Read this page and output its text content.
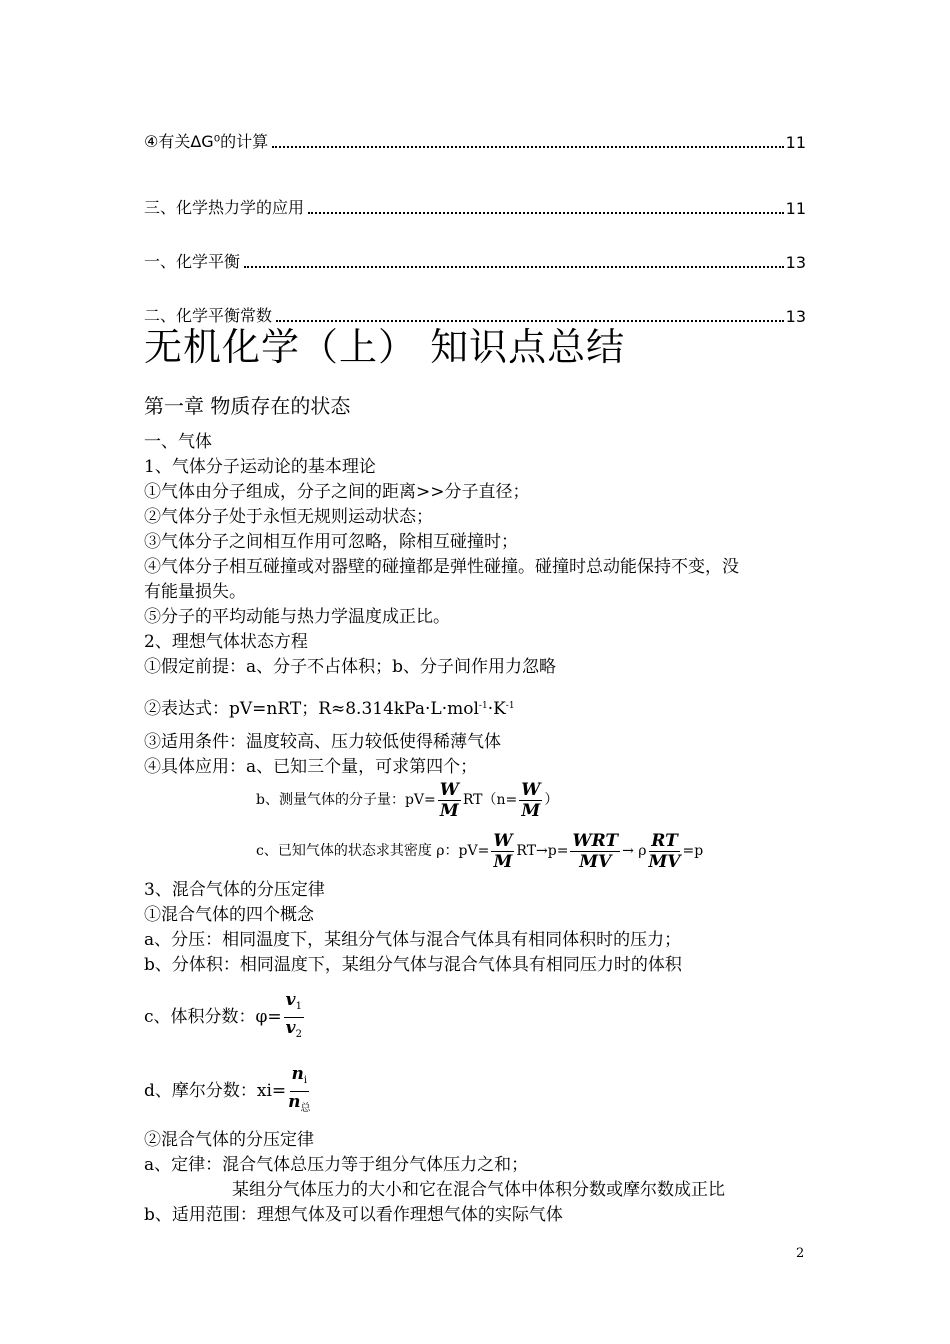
④有关ΔG⁰的计算	11
三、化学热力学的应用	11
一、化学平衡	13
二、化学平衡常数	13
无机化学（上） 知识点总结
第一章 物质存在的状态
一、气体
1、气体分子运动论的基本理论
①气体由分子组成，分子之间的距离>>分子直径；
②气体分子处于永恒无规则运动状态；
③气体分子之间相互作用可忽略，除相互碰撞时；
④气体分子相互碰撞或对器壁的碰撞都是弹性碰撞。碰撞时总动能保持不变，没
有能量损失。
⑤分子的平均动能与热力学温度成正比。
2、理想气体状态方程
①假定前提：a、分子不占体积；b、分子间作用力忽略
②表达式：pV=nRT；$R\approx 8.314kPa\cdot L\cdot mol^{-1}\cdot K^{-1}$
③适用条件：温度较高、压力较低使得稀薄气体
④具体应用：a、已知三个量，可求第四个；
b、测量气体的分子量：$pV= \frac{W}{M} RT(n= \frac{W}{M}$ ）
c、已知气体的状态求其密度 ρ：$pV= \frac{W}{M} RT\to p= \frac{\text{WRT}}{MV} \to \rho \frac{RT}{MV} =p$
3、混合气体的分压定律
①混合气体的四个概念
a、分压：相同温度下，某组分气体与混合气体具有相同体积时的压力；
b、分体积：相同温度下，某组分气体与混合气体具有相同压力时的体积
c、体积分数：$\varphi= \frac{v_1}{v_2}$
d、摩尔分数：$xi= \frac{n_i}{n_总}$
②混合气体的分压定律
a、定律：混合气体总压力等于组分气体压力之和；
某组分气体压力的大小和它在混合气体中体积分数或摩尔数成正比
b、适用范围：理想气体及可以看作理想气体的实际气体
2
